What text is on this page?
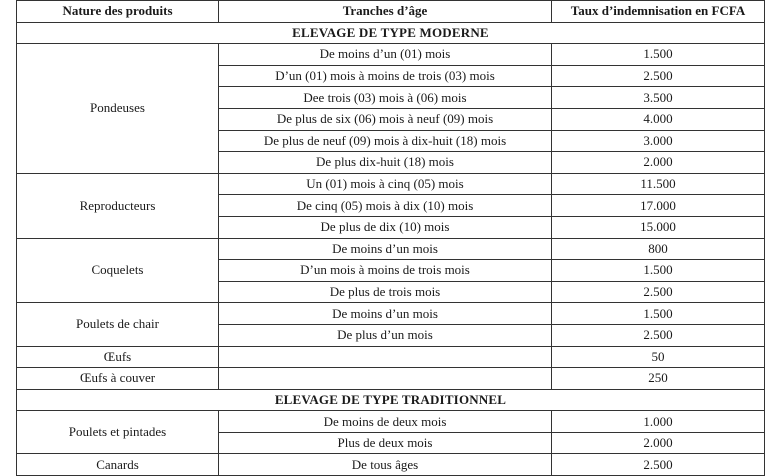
Nature des produits	Tranches d’âge	Taux d’indemnisation en FCFA
ELEVAGE DE TYPE MODERNE		
Pondeuses	De moins d’un (01) mois	1.500
	D’un (01) mois à moins de trois (03) mois	2.500
	Dee trois (03) mois à (06) mois	3.500
	De plus de six (06) mois à neuf (09) mois	4.000
	De plus de neuf (09) mois à dix-huit (18) mois	3.000
	De plus dix-huit (18) mois	2.000
Reproducteurs	Un (01) mois à cinq (05) mois	11.500
	De cinq (05) mois à dix (10) mois	17.000
	De plus de dix (10) mois	15.000
Coquelets	De moins d’un mois	800
	D’un mois à moins de trois mois	1.500
	De plus de trois mois	2.500
Poulets de chair	De moins d’un mois	1.500
	De plus d’un mois	2.500
Œufs		50
Œufs à couver		250
ELEVAGE DE TYPE TRADITIONNEL		
Poulets et pintades	De moins de deux mois	1.000
	Plus de deux mois	2.000
Canards	De tous âges	2.500
